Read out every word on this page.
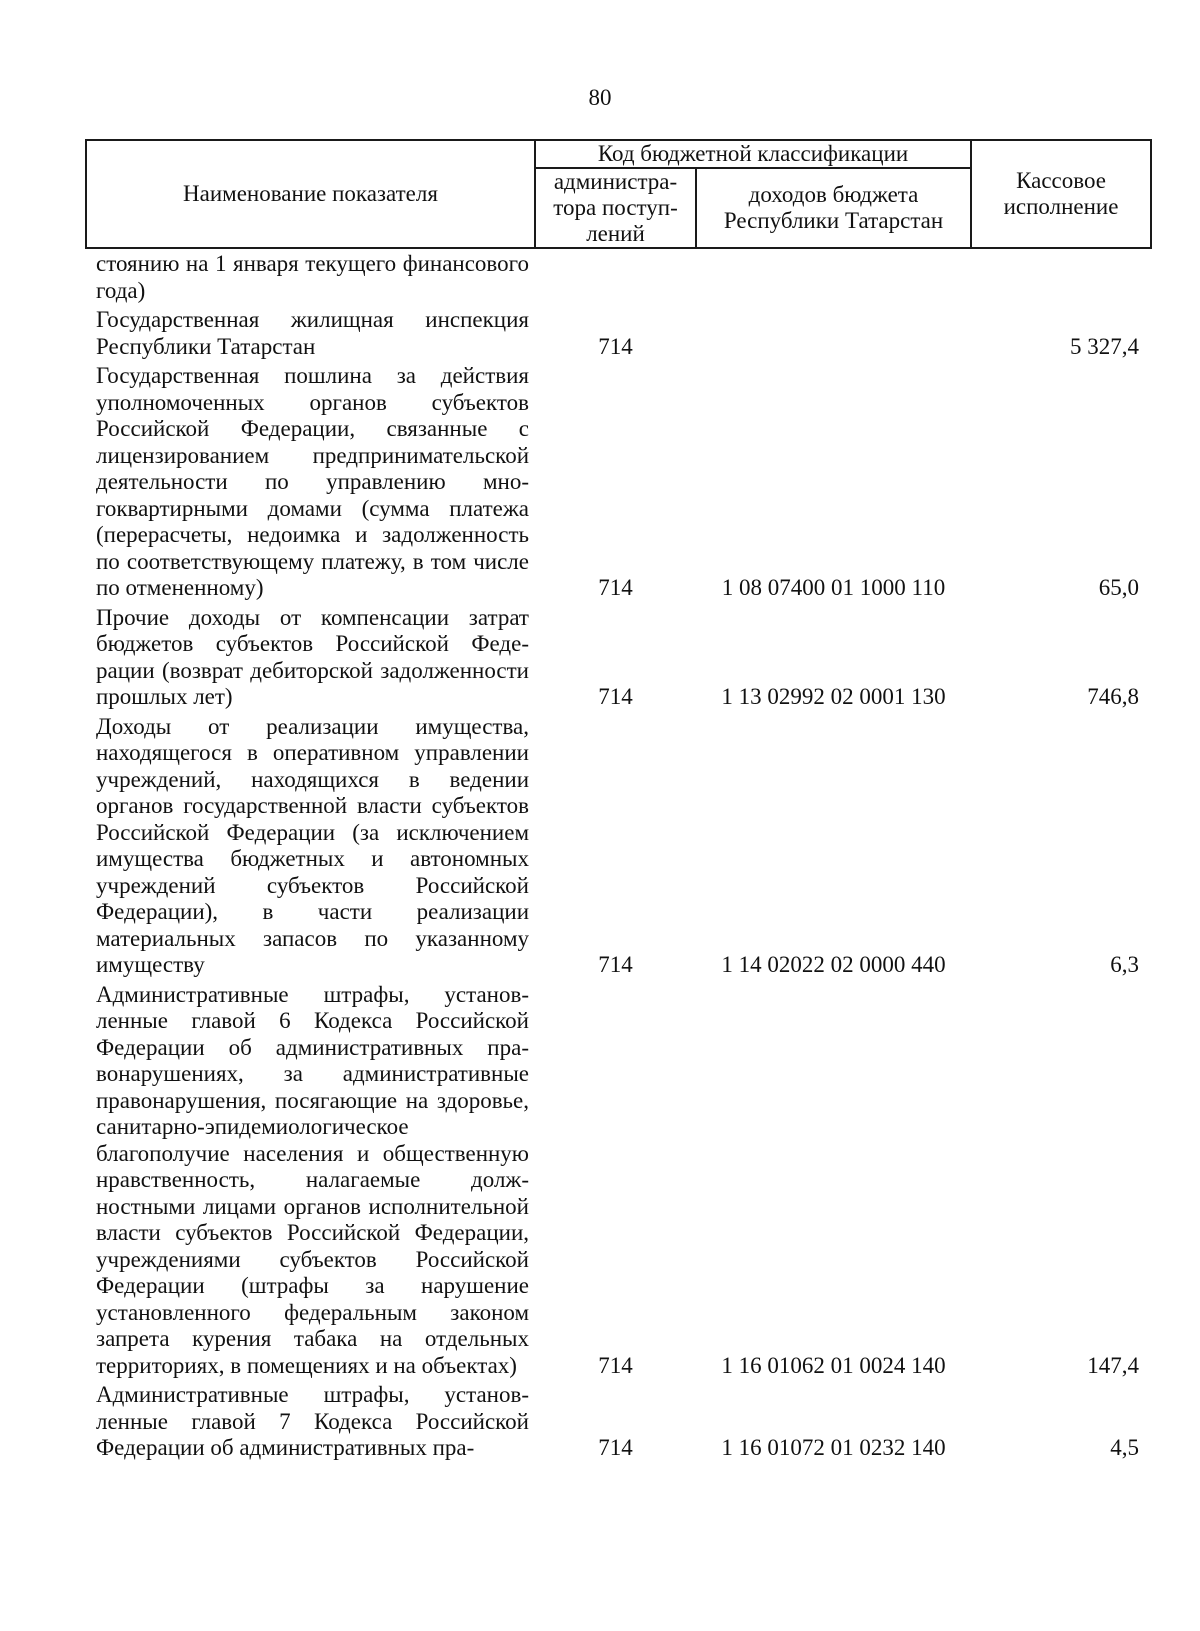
80
Наименование показателя	Код бюджетной классификации		Кассовое исполнение
	администра-тора поступ-лений	доходов бюджета Республики Татарстан	
стоянию на 1 января текущего финансового года)			
Государственная жилищная инспекция Республики Татарстан	714		5 327,4
Государственная пошлина за действия уполномоченных органов субъектов Российской Федерации, связанные с лицензированием предпринимательской деятельности по управлению многоквартирными домами (сумма платежа (перерасчеты, недоимка и задолженность по соответствующему платежу, в том числе по отмененному)	714	1 08 07400 01 1000 110	65,0
Прочие доходы от компенсации затрат бюджетов субъектов Российской Федерации (возврат дебиторской задолженности прошлых лет)	714	1 13 02992 02 0001 130	746,8
Доходы от реализации имущества, находящегося в оперативном управлении учреждений, находящихся в ведении органов государственной власти субъектов Российской Федерации (за исключением имущества бюджетных и автономных учреждений субъектов Российской Федерации), в части реализации материальных запасов по указанному имуществу	714	1 14 02022 02 0000 440	6,3
Административные штрафы, установленные главой 6 Кодекса Российской Федерации об административных правонарушениях, за административные правонарушения, посягающие на здоровье, санитарно-эпидемиологическое благополучие населения и общественную нравственность, налагаемые должностными лицами органов исполнительной власти субъектов Российской Федерации, учреждениями субъектов Российской Федерации (штрафы за нарушение установленного федеральным законом запрета курения табака на отдельных территориях, в помещениях и на объектах)	714	1 16 01062 01 0024 140	147,4
Административные штрафы, установленные главой 7 Кодекса Российской Федерации об административных пра-	714	1 16 01072 01 0232 140	4,5
